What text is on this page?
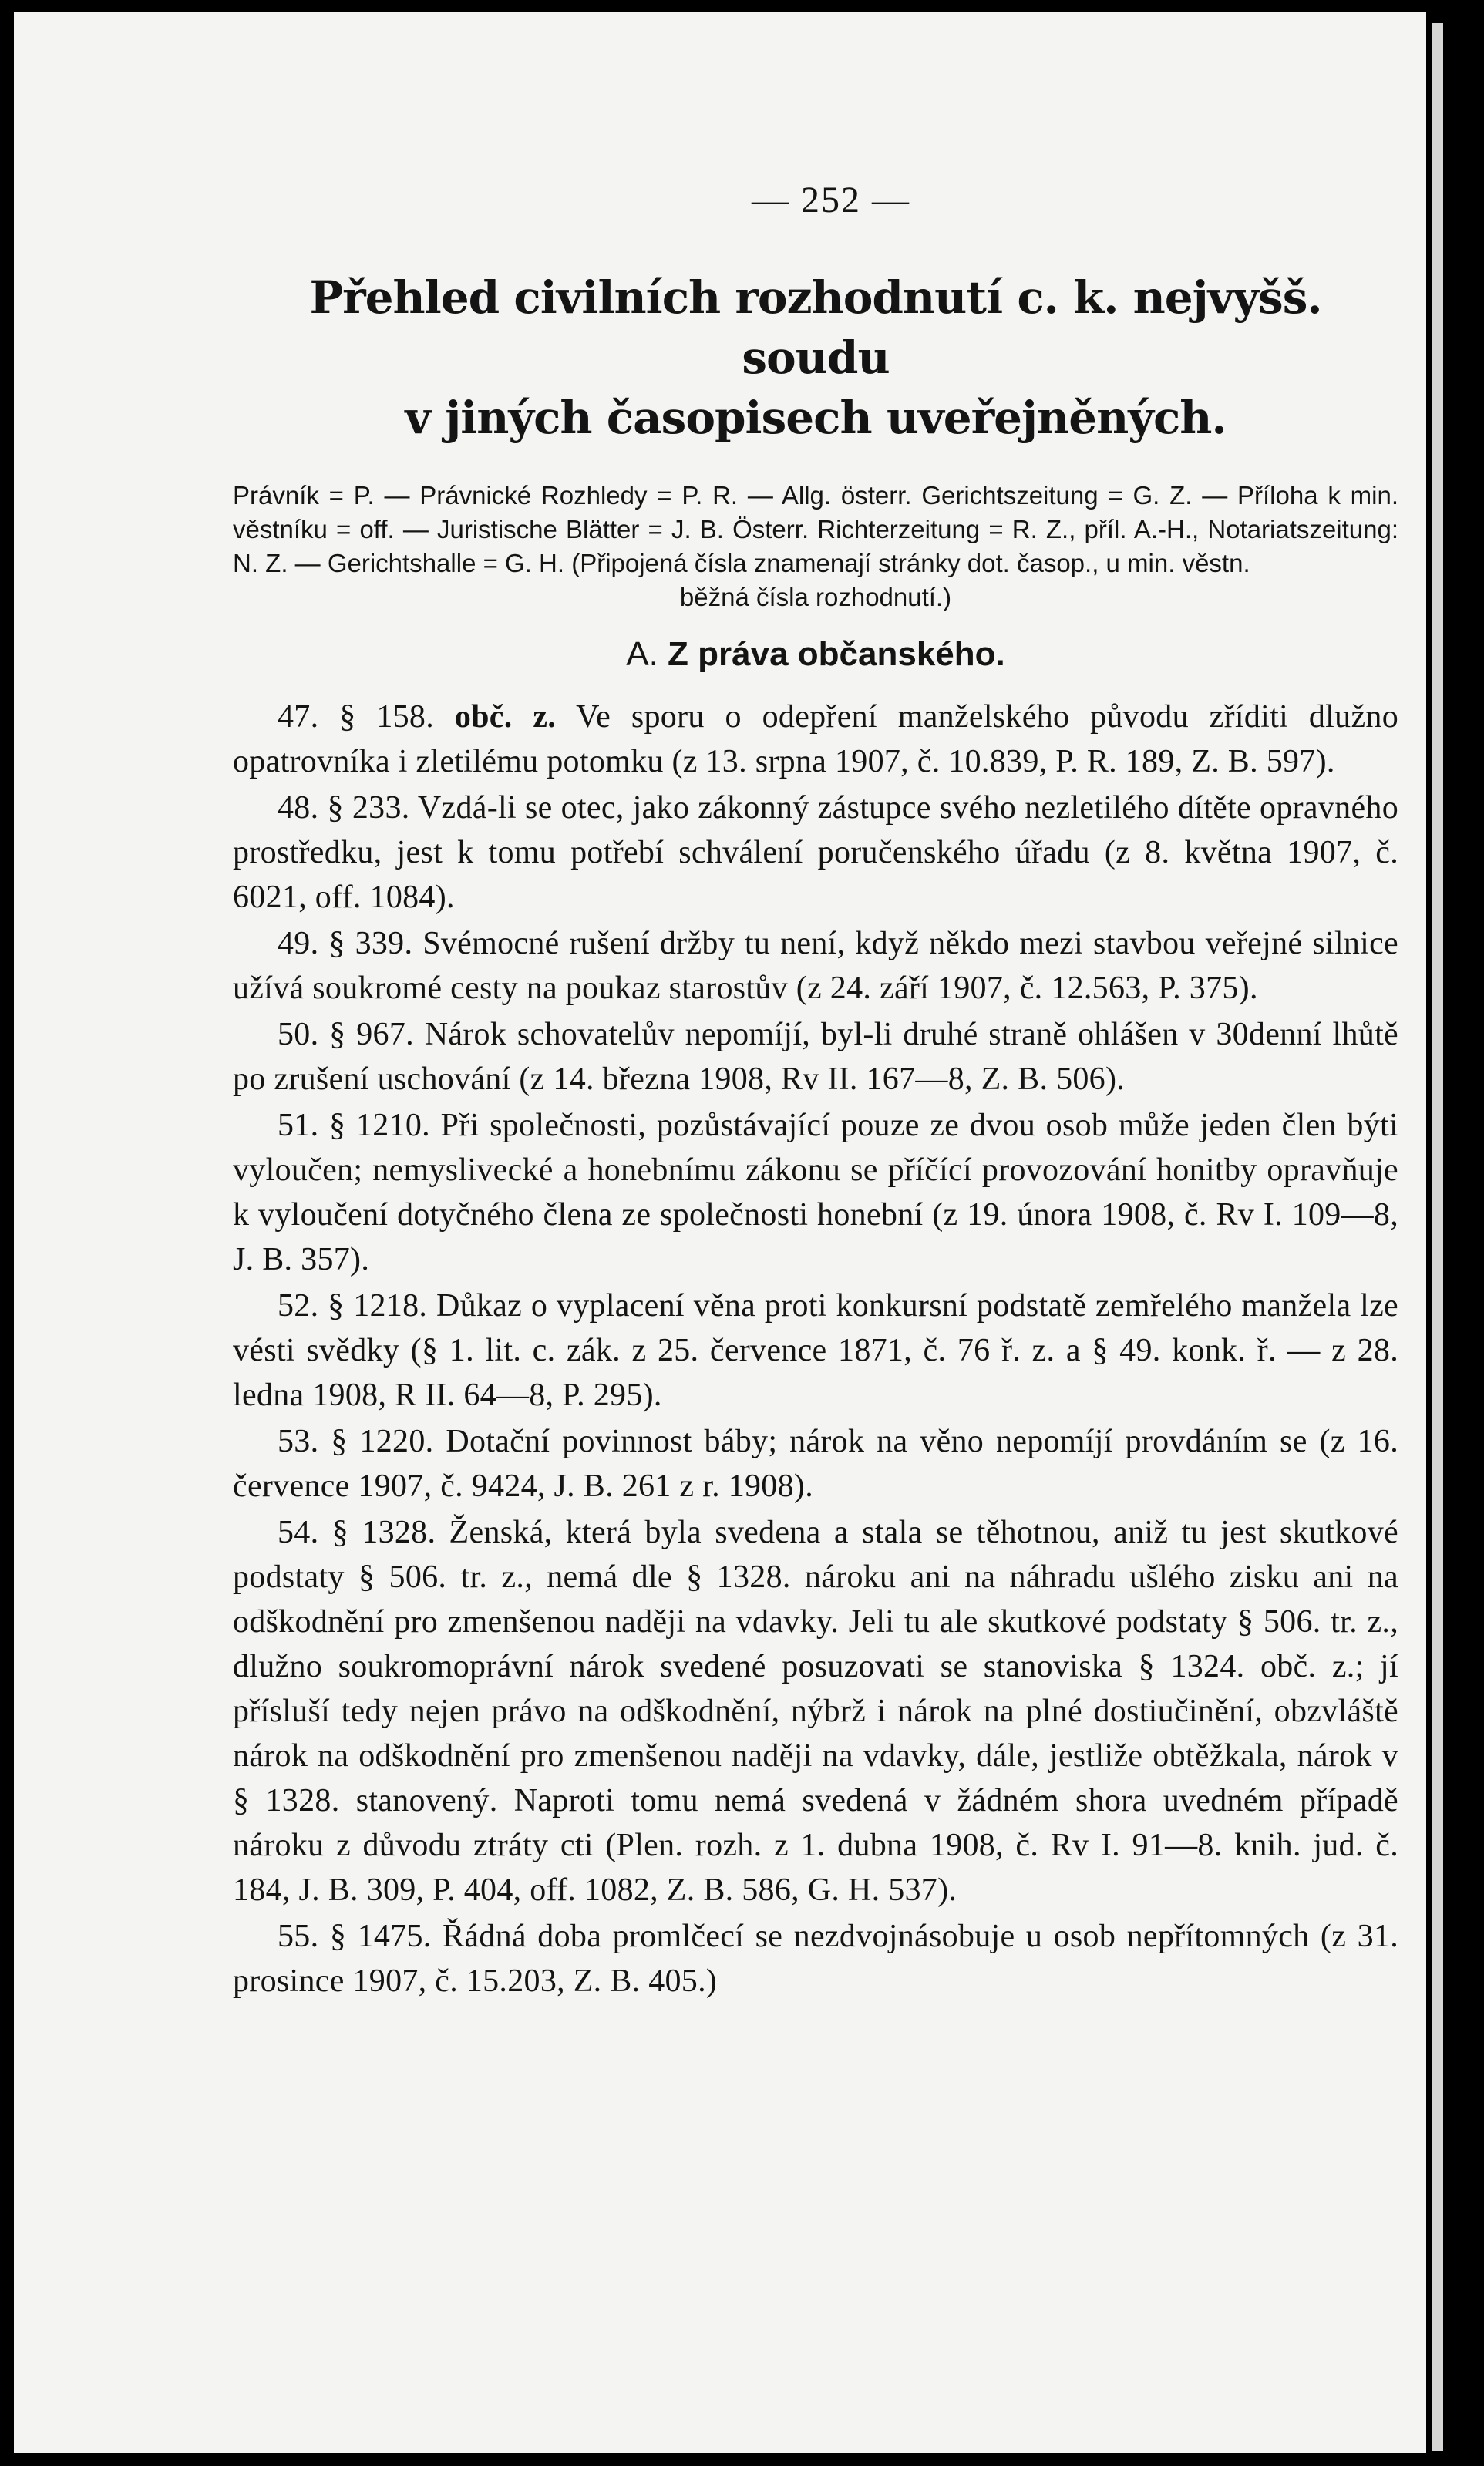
— 252 —
Přehled civilních rozhodnutí c. k. nejvyšš. soudu
v jiných časopisech uveřejněných.

Právník = P. — Právnické Rozhledy = P. R. — Allg. österr. Gerichtszeitung = G. Z. — Příloha k min. věstníku = off. — Juristische Blätter = J. B. Österr. Richterzeitung = R. Z., příl. A.-H., Notariatszeitung: N. Z. — Gerichtshalle = G. H. (Připojená čísla znamenají stránky dot. časop., u min. věstn.

běžná čísla rozhodnutí.)

A. Z práva občanského.

47. § 158. obč. z. Ve sporu o odepření manželského původu zříditi dlužno opatrovníka i zletilému potomku (z 13. srpna 1907, č. 10.839, P. R. 189, Z. B. 597).

48. § 233. Vzdá-li se otec, jako zákonný zástupce svého nezletilého dítěte opravného prostředku, jest k tomu potřebí schválení poručenského úřadu (z 8. května 1907, č. 6021, off. 1084).

49. § 339. Svémocné rušení držby tu není, když někdo mezi stavbou veřejné silnice užívá soukromé cesty na poukaz starostův (z 24. září 1907, č. 12.563, P. 375).

50. § 967. Nárok schovatelův nepomíjí, byl-li druhé straně ohlášen v 30denní lhůtě po zrušení uschování (z 14. března 1908, Rv II. 167—8, Z. B. 506).

51. § 1210. Při společnosti, pozůstávající pouze ze dvou osob může jeden člen býti vyloučen; nemyslivecké a honebnímu zákonu se příčící provozování honitby opravňuje k vyloučení dotyčného člena ze společnosti honební (z 19. února 1908, č. Rv I. 109—8, J. B. 357).

52. § 1218. Důkaz o vyplacení věna proti konkursní podstatě zemřelého manžela lze vésti svědky (§ 1. lit. c. zák. z 25. července 1871, č. 76 ř. z. a § 49. konk. ř. — z 28. ledna 1908, R II. 64—8, P. 295).

53. § 1220. Dotační povinnost báby; nárok na věno nepomíjí provdáním se (z 16. července 1907, č. 9424, J. B. 261 z r. 1908).

54. § 1328. Ženská, která byla svedena a stala se těhotnou, aniž tu jest skutkové podstaty § 506. tr. z., nemá dle § 1328. nároku ani na náhradu ušlého zisku ani na odškodnění pro zmenšenou naději na vdavky. Jeli tu ale skutkové podstaty § 506. tr. z., dlužno soukromoprávní nárok svedené posuzovati se stanoviska § 1324. obč. z.; jí přísluší tedy nejen právo na odškodnění, nýbrž i nárok na plné dostiučinění, obzvláště nárok na odškodnění pro zmenšenou naději na vdavky, dále, jestliže obtěžkala, nárok v § 1328. stanovený. Naproti tomu nemá svedená v žádném shora uvedném případě nároku z důvodu ztráty cti (Plen. rozh. z 1. dubna 1908, č. Rv I. 91—8. knih. jud. č. 184, J. B. 309, P. 404, off. 1082, Z. B. 586, G. H. 537).

55. § 1475. Řádná doba promlčecí se nezdvojnásobuje u osob nepřítomných (z 31. prosince 1907, č. 15.203, Z. B. 405.)
